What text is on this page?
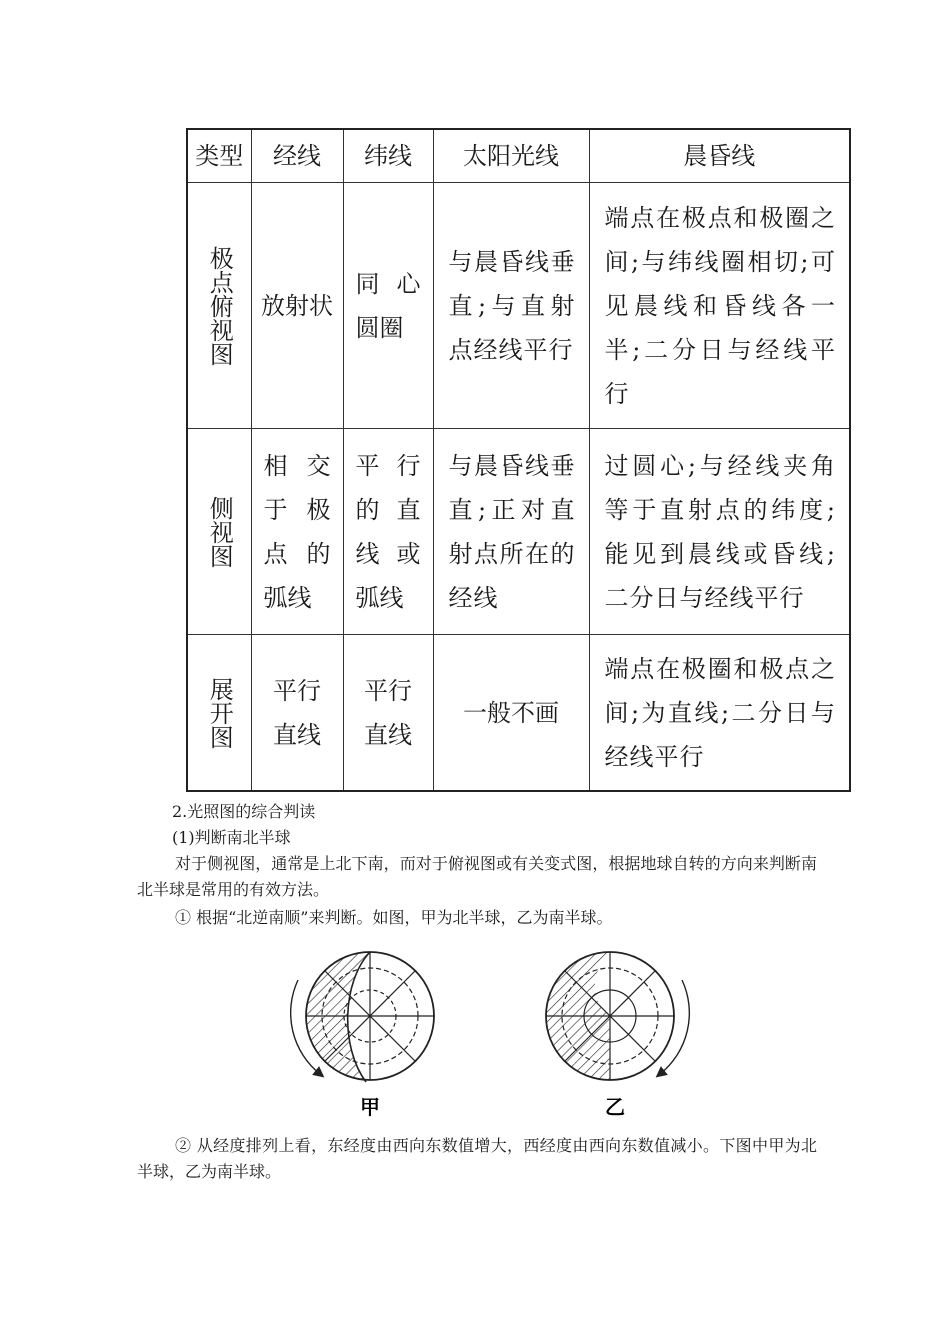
类型	经线	纬线	太阳光线	晨昏线

极点俯视图	放射状	同心圆圈	与晨昏线垂直;与直射点经线平行	端点在极点和极圈之间;与纬线圈相切;可见晨线和昏线各一半;二分日与经线平行

侧视图	相交于极点的弧线	平行的直线或弧线	与晨昏线垂直;正对直射点所在的经线	过圆心;与经线夹角等于直射点的纬度;能见到晨线或昏线;二分日与经线平行

展开图	平行直线	平行直线	一般不画	端点在极圈和极点之间;为直线;二分日与经线平行

2.光照图的综合判读

(1)判断南北半球

对于侧视图，通常是上北下南，而对于俯视图或有关变式图，根据地球自转的方向来判断南北半球是常用的有效方法。

① 根据“北逆南顺”来判断。如图，甲为北半球，乙为南半球。

甲	乙

② 从经度排列上看，东经度由西向东数值增大，西经度由西向东数值减小。下图中甲为北半球，乙为南半球。
